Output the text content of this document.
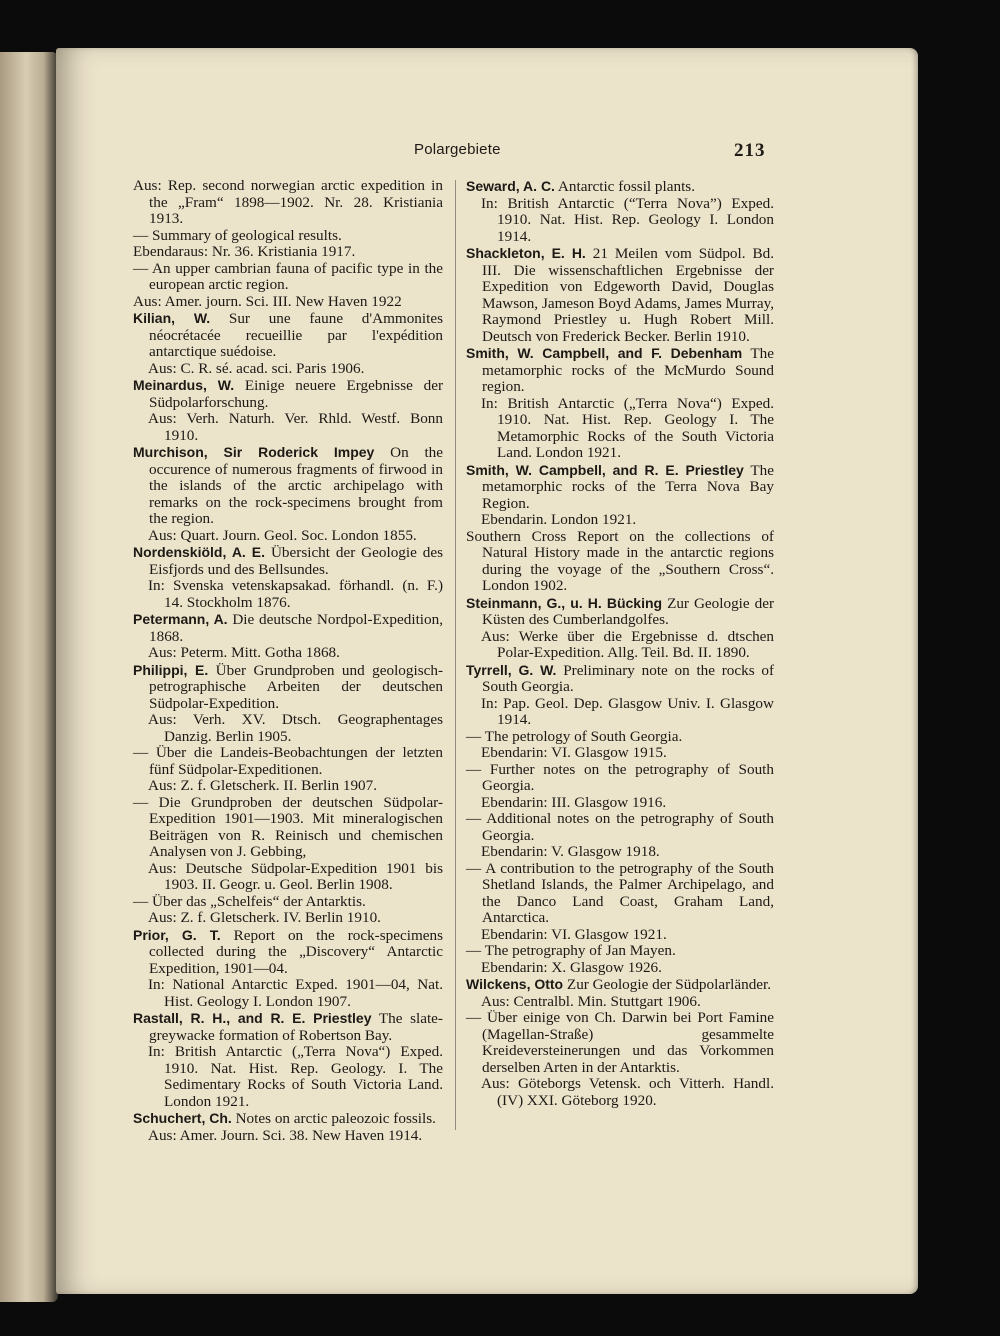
Polargebiete	213

Aus: Rep. second norwegian arctic expedition in the „Fram“ 1898—1902. Nr. 28. Kristiania 1913.

— Summary of geological results.

Ebendaraus: Nr. 36. Kristiania 1917.

— An upper cambrian fauna of pacific type in the european arctic region.

Aus: Amer. journ. Sci. III. New Haven 1922

Kilian, W. Sur une faune d'Ammonites néocrétacée recueillie par l'expédition antarctique suédoise.

Aus: C. R. sé. acad. sci. Paris 1906.

Meinardus, W. Einige neuere Ergebnisse der Südpolarforschung.

Aus: Verh. Naturh. Ver. Rhld. Westf. Bonn 1910.

Murchison, Sir Roderick Impey On the occurence of numerous fragments of firwood in the islands of the arctic archipelago with remarks on the rock-specimens brought from the region.

Aus: Quart. Journ. Geol. Soc. London 1855.

Nordenskiöld, A. E. Übersicht der Geologie des Eisfjords und des Bellsundes.

In: Svenska vetenskapsakad. förhandl. (n. F.) 14. Stockholm 1876.

Petermann, A. Die deutsche Nordpol-Expedition, 1868.

Aus: Peterm. Mitt. Gotha 1868.

Philippi, E. Über Grundproben und geologisch-petrographische Arbeiten der deutschen Südpolar-Expedition.

Aus: Verh. XV. Dtsch. Geographentages Danzig. Berlin 1905.

— Über die Landeis-Beobachtungen der letzten fünf Südpolar-Expeditionen.

Aus: Z. f. Gletscherk. II. Berlin 1907.

— Die Grundproben der deutschen Südpolar-Expedition 1901—1903. Mit mineralogischen Beiträgen von R. Reinisch und chemischen Analysen von J. Gebbing,

Aus: Deutsche Südpolar-Expedition 1901 bis 1903. II. Geogr. u. Geol. Berlin 1908.

— Über das „Schelfeis“ der Antarktis.

Aus: Z. f. Gletscherk. IV. Berlin 1910.

Prior, G. T. Report on the rock-specimens collected during the „Discovery“ Antarctic Expedition, 1901—04.

In: National Antarctic Exped. 1901—04, Nat. Hist. Geology I. London 1907.

Rastall, R. H., and R. E. Priestley The slate-greywacke formation of Robertson Bay.

In: British Antarctic („Terra Nova“) Exped. 1910. Nat. Hist. Rep. Geology. I. The Sedimentary Rocks of South Victoria Land. London 1921.

Schuchert, Ch. Notes on arctic paleozoic fossils.

Aus: Amer. Journ. Sci. 38. New Haven 1914.

Seward, A. C. Antarctic fossil plants.

In: British Antarctic (“Terra Nova”) Exped. 1910. Nat. Hist. Rep. Geology I. London 1914.

Shackleton, E. H. 21 Meilen vom Südpol. Bd. III. Die wissenschaftlichen Ergebnisse der Expedition von Edgeworth David, Douglas Mawson, Jameson Boyd Adams, James Murray, Raymond Priestley u. Hugh Robert Mill. Deutsch von Frederick Becker. Berlin 1910.

Smith, W. Campbell, and F. Debenham The metamorphic rocks of the McMurdo Sound region.

In: British Antarctic („Terra Nova“) Exped. 1910. Nat. Hist. Rep. Geology I. The Metamorphic Rocks of the South Victoria Land. London 1921.

Smith, W. Campbell, and R. E. Priestley The metamorphic rocks of the Terra Nova Bay Region.

Ebendarin. London 1921.

Southern Cross Report on the collections of Natural History made in the antarctic regions during the voyage of the „Southern Cross“. London 1902.

Steinmann, G., u. H. Bücking Zur Geologie der Küsten des Cumberlandgolfes.

Aus: Werke über die Ergebnisse d. dtschen Polar-Expedition. Allg. Teil. Bd. II. 1890.

Tyrrell, G. W. Preliminary note on the rocks of South Georgia.

In: Pap. Geol. Dep. Glasgow Univ. I. Glasgow 1914.

— The petrology of South Georgia.

Ebendarin: VI. Glasgow 1915.

— Further notes on the petrography of South Georgia.

Ebendarin: III. Glasgow 1916.

— Additional notes on the petrography of South Georgia.

Ebendarin: V. Glasgow 1918.

— A contribution to the petrography of the South Shetland Islands, the Palmer Archipelago, and the Danco Land Coast, Graham Land, Antarctica.

Ebendarin: VI. Glasgow 1921.

— The petrography of Jan Mayen.

Ebendarin: X. Glasgow 1926.

Wilckens, Otto Zur Geologie der Südpolarländer.

Aus: Centralbl. Min. Stuttgart 1906.

— Über einige von Ch. Darwin bei Port Famine (Magellan-Straße) gesammelte Kreideversteinerungen und das Vorkommen derselben Arten in der Antarktis.

Aus: Göteborgs Vetensk. och Vitterh. Handl. (IV) XXI. Göteborg 1920.
